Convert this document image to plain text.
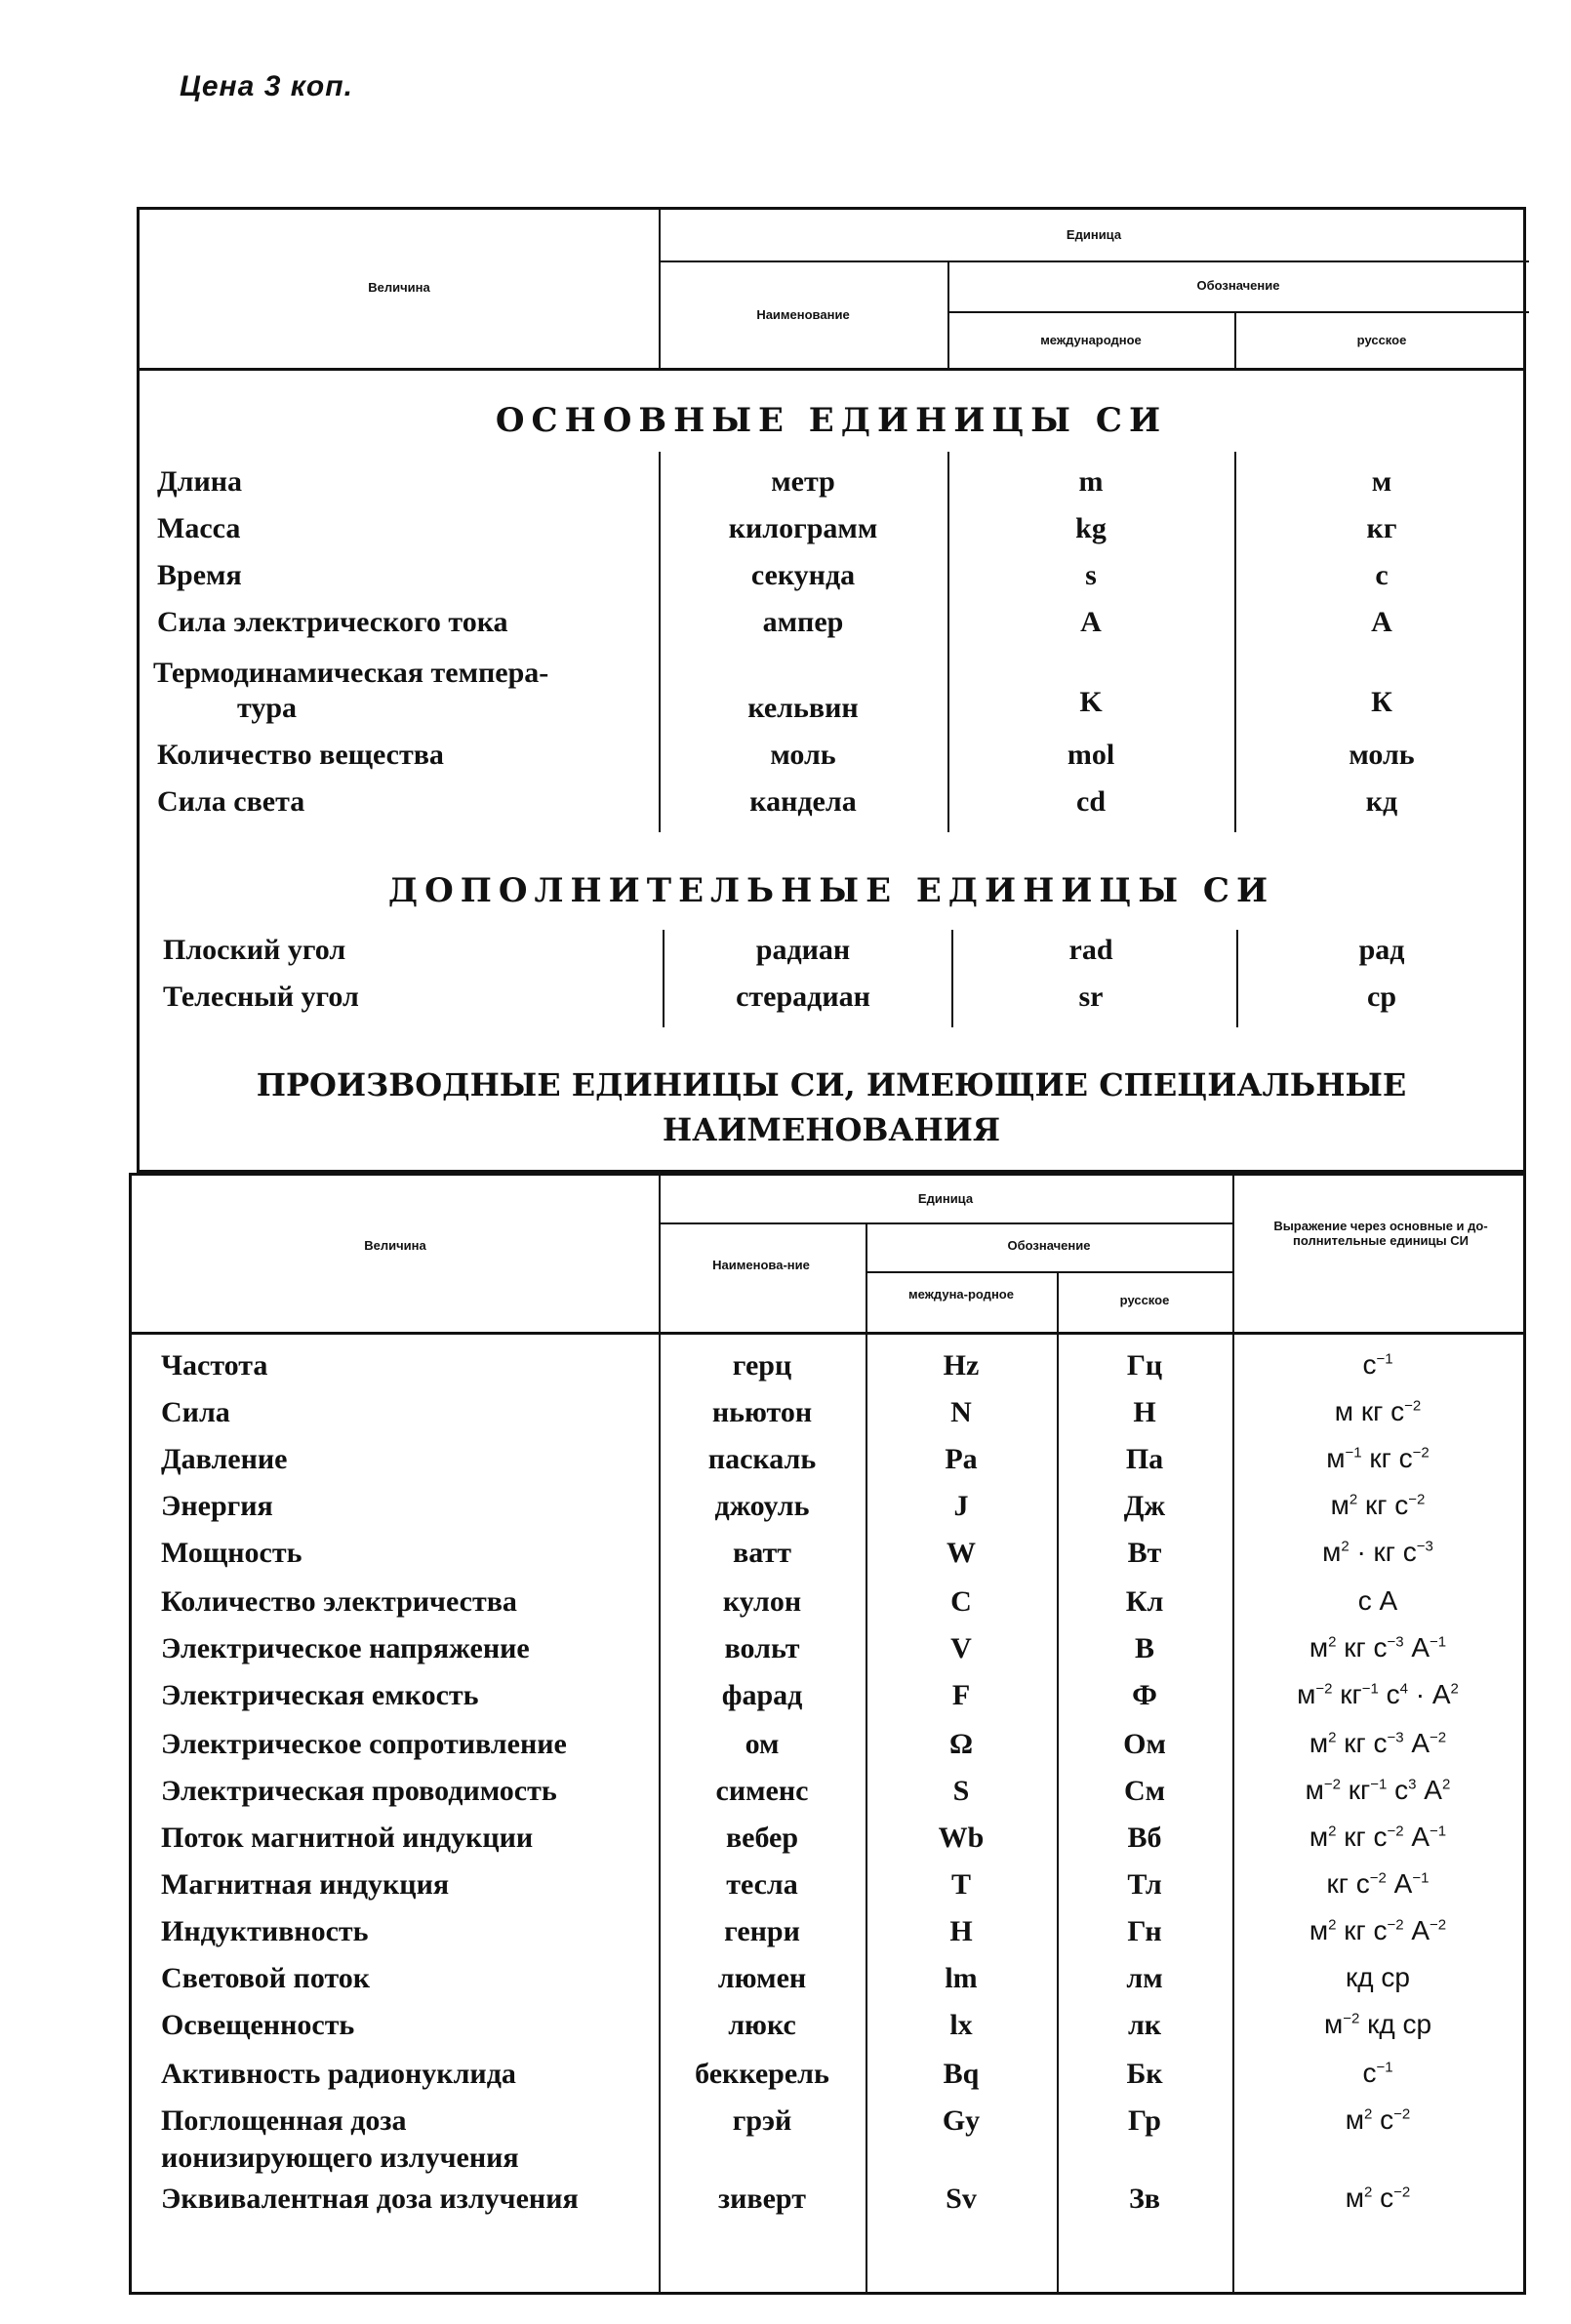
Цена 3 коп.
Величина
Единица
Наименование
Обозначение
международное	русское
ОСНОВНЫЕ ЕДИНИЦЫ СИ
Длина	метр	m	м
Масса	килограмм	kg	кг
Время	секунда	s	с
Сила электрического тока	ампер	A	А
Термодинамическая темпера-
тура	кельвин	K	К
Количество вещества	моль	mol	моль
Сила света	кандела	cd	кд
ДОПОЛНИТЕЛЬНЫЕ ЕДИНИЦЫ СИ
Плоский угол	радиан	rad	рад
Телесный угол	стерадиан	sr	ср
ПРОИЗВОДНЫЕ ЕДИНИЦЫ СИ, ИМЕЮЩИЕ СПЕЦИАЛЬНЫЕ
НАИМЕНОВАНИЯ
Величина
Единица
Наименова-ние
Обозначение
междуна-родное	русское
Выражение через основные и до-полнительные единицы СИ
Частота	герц	Hz	Гц	$с^{-1}$
Сила	ньютон	N	Н	м кг $с^{-2}$
Давление	паскаль	Pa	Па	$м^{-1}$ кг $с^{-2}$
Энергия	джоуль	J	Дж	$м^2$ кг $с^{-2}$
Мощность	ватт	W	Вт	$м^2$ · кг $с^{-3}$
Количество электричества	кулон	C	Кл	с А
Электрическое напряжение	вольт	V	В	$м^2$ кг $с^{-3}$ $А^{-1}$
Электрическая емкость	фарад	F	Ф	$м^{-2}$ $кг^{-1}$ $с^4 \cdot А^2$
Электрическое сопротивление	ом	Ω	Ом	$м^2$ кг $с^{-3}$ $А^{-2}$
Электрическая проводимость	сименс	S	См	$м^{-2}$ $кг^{-1}$ $с^3$ $А^2$
Поток магнитной индукции	вебер	Wb	Вб	$м^2$ кг $с^{-2}$ $А^{-1}$
Магнитная индукция	тесла	T	Тл	кг $с^{-2}$ $А^{-1}$
Индуктивность	генри	H	Гн	$м^2$ кг $с^{-2}$ $А^{-2}$
Световой поток	люмен	lm	лм	кд ср
Освещенность	люкс	lx	лк	$м^{-2}$ кд ср
Активность радионуклида	беккерель	Bq	Бк	$с^{-1}$
Поглощенная доза
ионизирующего излучения
грэй	Gy	Гр	$м^2$ $с^{-2}$
Эквивалентная доза излучения	зиверт	Sv	Зв	$м^2$ $с^{-2}$
